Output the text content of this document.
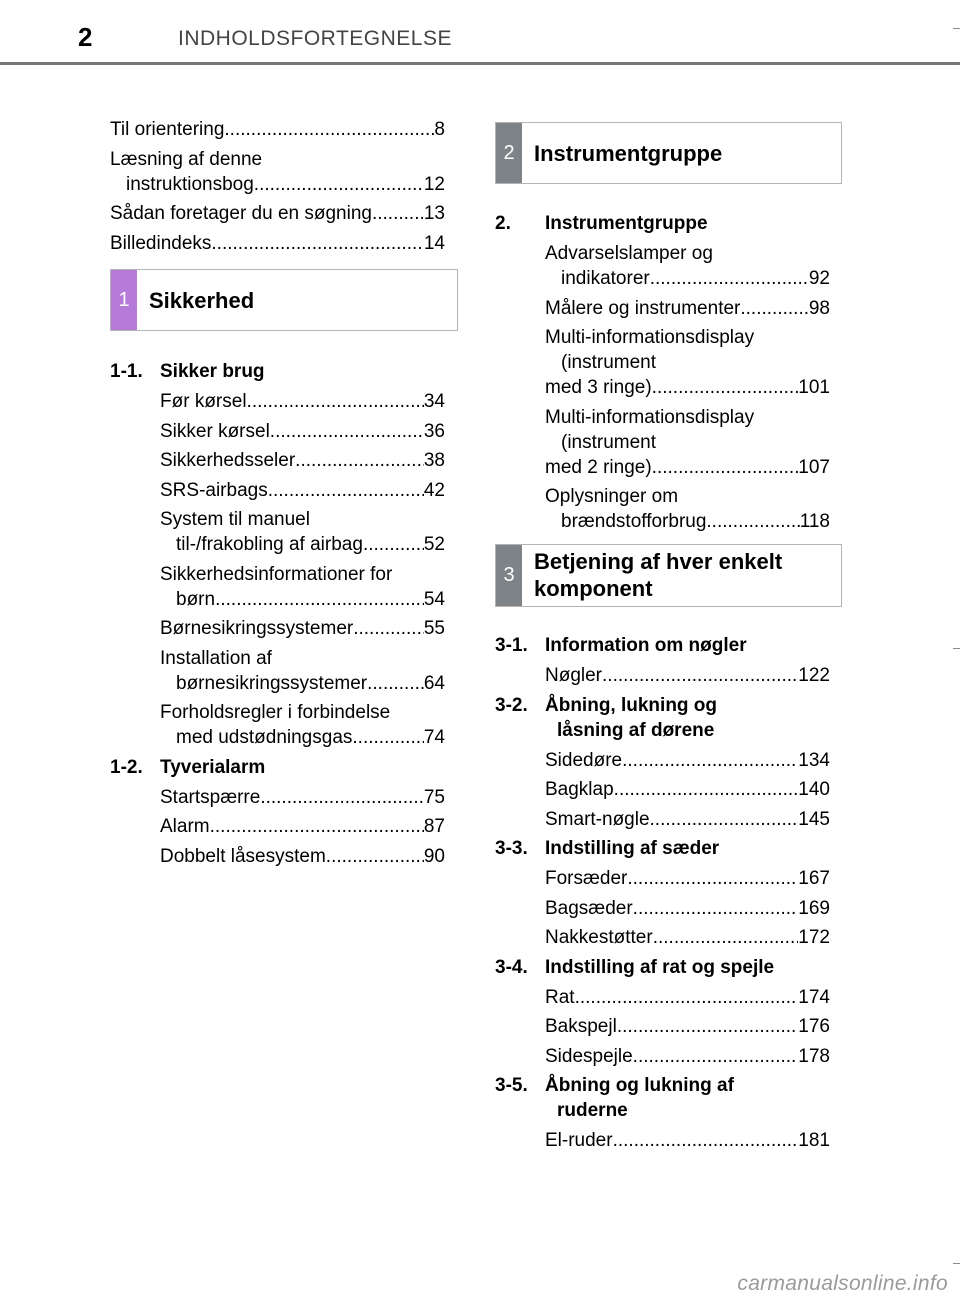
2	INDHOLDSFORTEGNELSE
Til orientering .....	8
Læsning af denne
instruktionsbog .....	12
Sådan foretager du en søgning .....	13
Billedindeks .....	14
1 Sikkerhed
1-1. Sikker brug
Før kørsel .....	34
Sikker kørsel .....	36
Sikkerhedsseler .....	38
SRS-airbags .....	42
System til manuel
til-/frakobling af airbag .....	52
Sikkerhedsinformationer for
børn .....	54
Børnesikringssystemer .....	55
Installation af
børnesikringssystemer .....	64
Forholdsregler i forbindelse
med udstødningsgas .....	74
1-2. Tyverialarm
Startspærre .....	75
Alarm .....	87
Dobbelt låsesystem .....	90
2 Instrumentgruppe
2.	Instrumentgruppe
Advarselslamper og
indikatorer .....	92
Målere og instrumenter .....	98
Multi-informationsdisplay
(instrument
med 3 ringe) .....	101
Multi-informationsdisplay
(instrument
med 2 ringe) .....	107
Oplysninger om
brændstofforbrug .....	118
3
Betjening af hver enkelt
komponent
3-1. Information om nøgler
Nøgler .....	122
3-2. Åbning, lukning og
låsning af dørene
Sidedøre .....	134
Bagklap .....	140
Smart-nøgle .....	145
3-3. Indstilling af sæder
Forsæder .....	167
Bagsæder .....	169
Nakkestøtter .....	172
3-4. Indstilling af rat og spejle
Rat .....	174
Bakspejl .....	176
Sidespejle .....	178
3-5. Åbning og lukning af
ruderne
El-ruder .....	181
carmanualsonline.info
